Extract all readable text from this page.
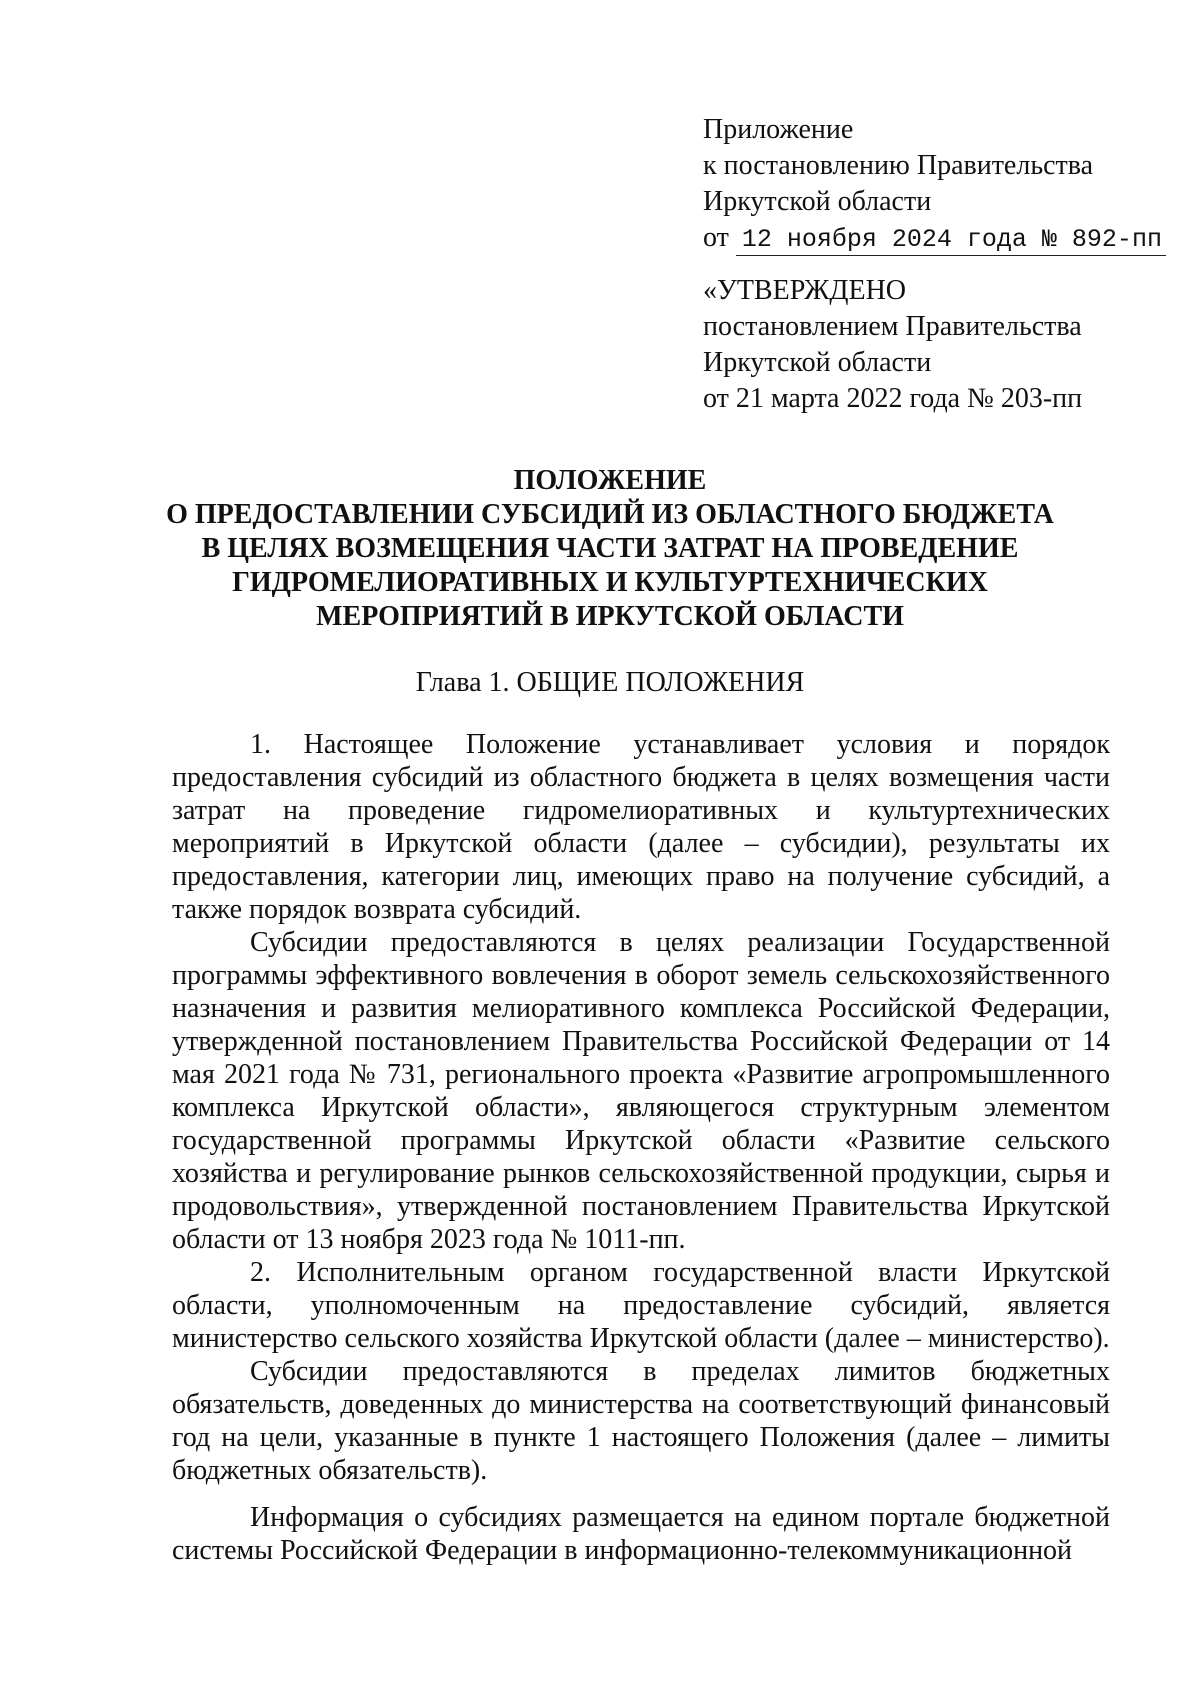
Приложение
к постановлению Правительства
Иркутской области
от 12 ноября 2024 года № 892-пп
«УТВЕРЖДЕНО
постановлением Правительства
Иркутской области
от 21 марта 2022 года № 203-пп
ПОЛОЖЕНИЕ
О ПРЕДОСТАВЛЕНИИ СУБСИДИЙ ИЗ ОБЛАСТНОГО БЮДЖЕТА
В ЦЕЛЯХ ВОЗМЕЩЕНИЯ ЧАСТИ ЗАТРАТ НА ПРОВЕДЕНИЕ
ГИДРОМЕЛИОРАТИВНЫХ И КУЛЬТУРТЕХНИЧЕСКИХ
МЕРОПРИЯТИЙ В ИРКУТСКОЙ ОБЛАСТИ
Глава 1. ОБЩИЕ ПОЛОЖЕНИЯ

1. Настоящее Положение устанавливает условия и порядок предоставления субсидий из областного бюджета в целях возмещения части затрат на проведение гидромелиоративных и культуртехнических мероприятий в Иркутской области (далее – субсидии), результаты их предоставления, категории лиц, имеющих право на получение субсидий, а также порядок возврата субсидий.

Субсидии предоставляются в целях реализации Государственной программы эффективного вовлечения в оборот земель сельскохозяйственного назначения и развития мелиоративного комплекса Российской Федерации, утвержденной постановлением Правительства Российской Федерации от 14 мая 2021 года № 731, регионального проекта «Развитие агропромышленного комплекса Иркутской области», являющегося структурным элементом государственной программы Иркутской области «Развитие сельского хозяйства и регулирование рынков сельскохозяйственной продукции, сырья и продовольствия», утвержденной постановлением Правительства Иркутской области от 13 ноября 2023 года № 1011-пп.

2. Исполнительным органом государственной власти Иркутской области, уполномоченным на предоставление субсидий, является министерство сельского хозяйства Иркутской области (далее – министерство).

Субсидии предоставляются в пределах лимитов бюджетных обязательств, доведенных до министерства на соответствующий финансовый год на цели, указанные в пункте 1 настоящего Положения (далее – лимиты бюджетных обязательств).

Информация о субсидиях размещается на едином портале бюджетной системы Российской Федерации в информационно-телекоммуникационной
